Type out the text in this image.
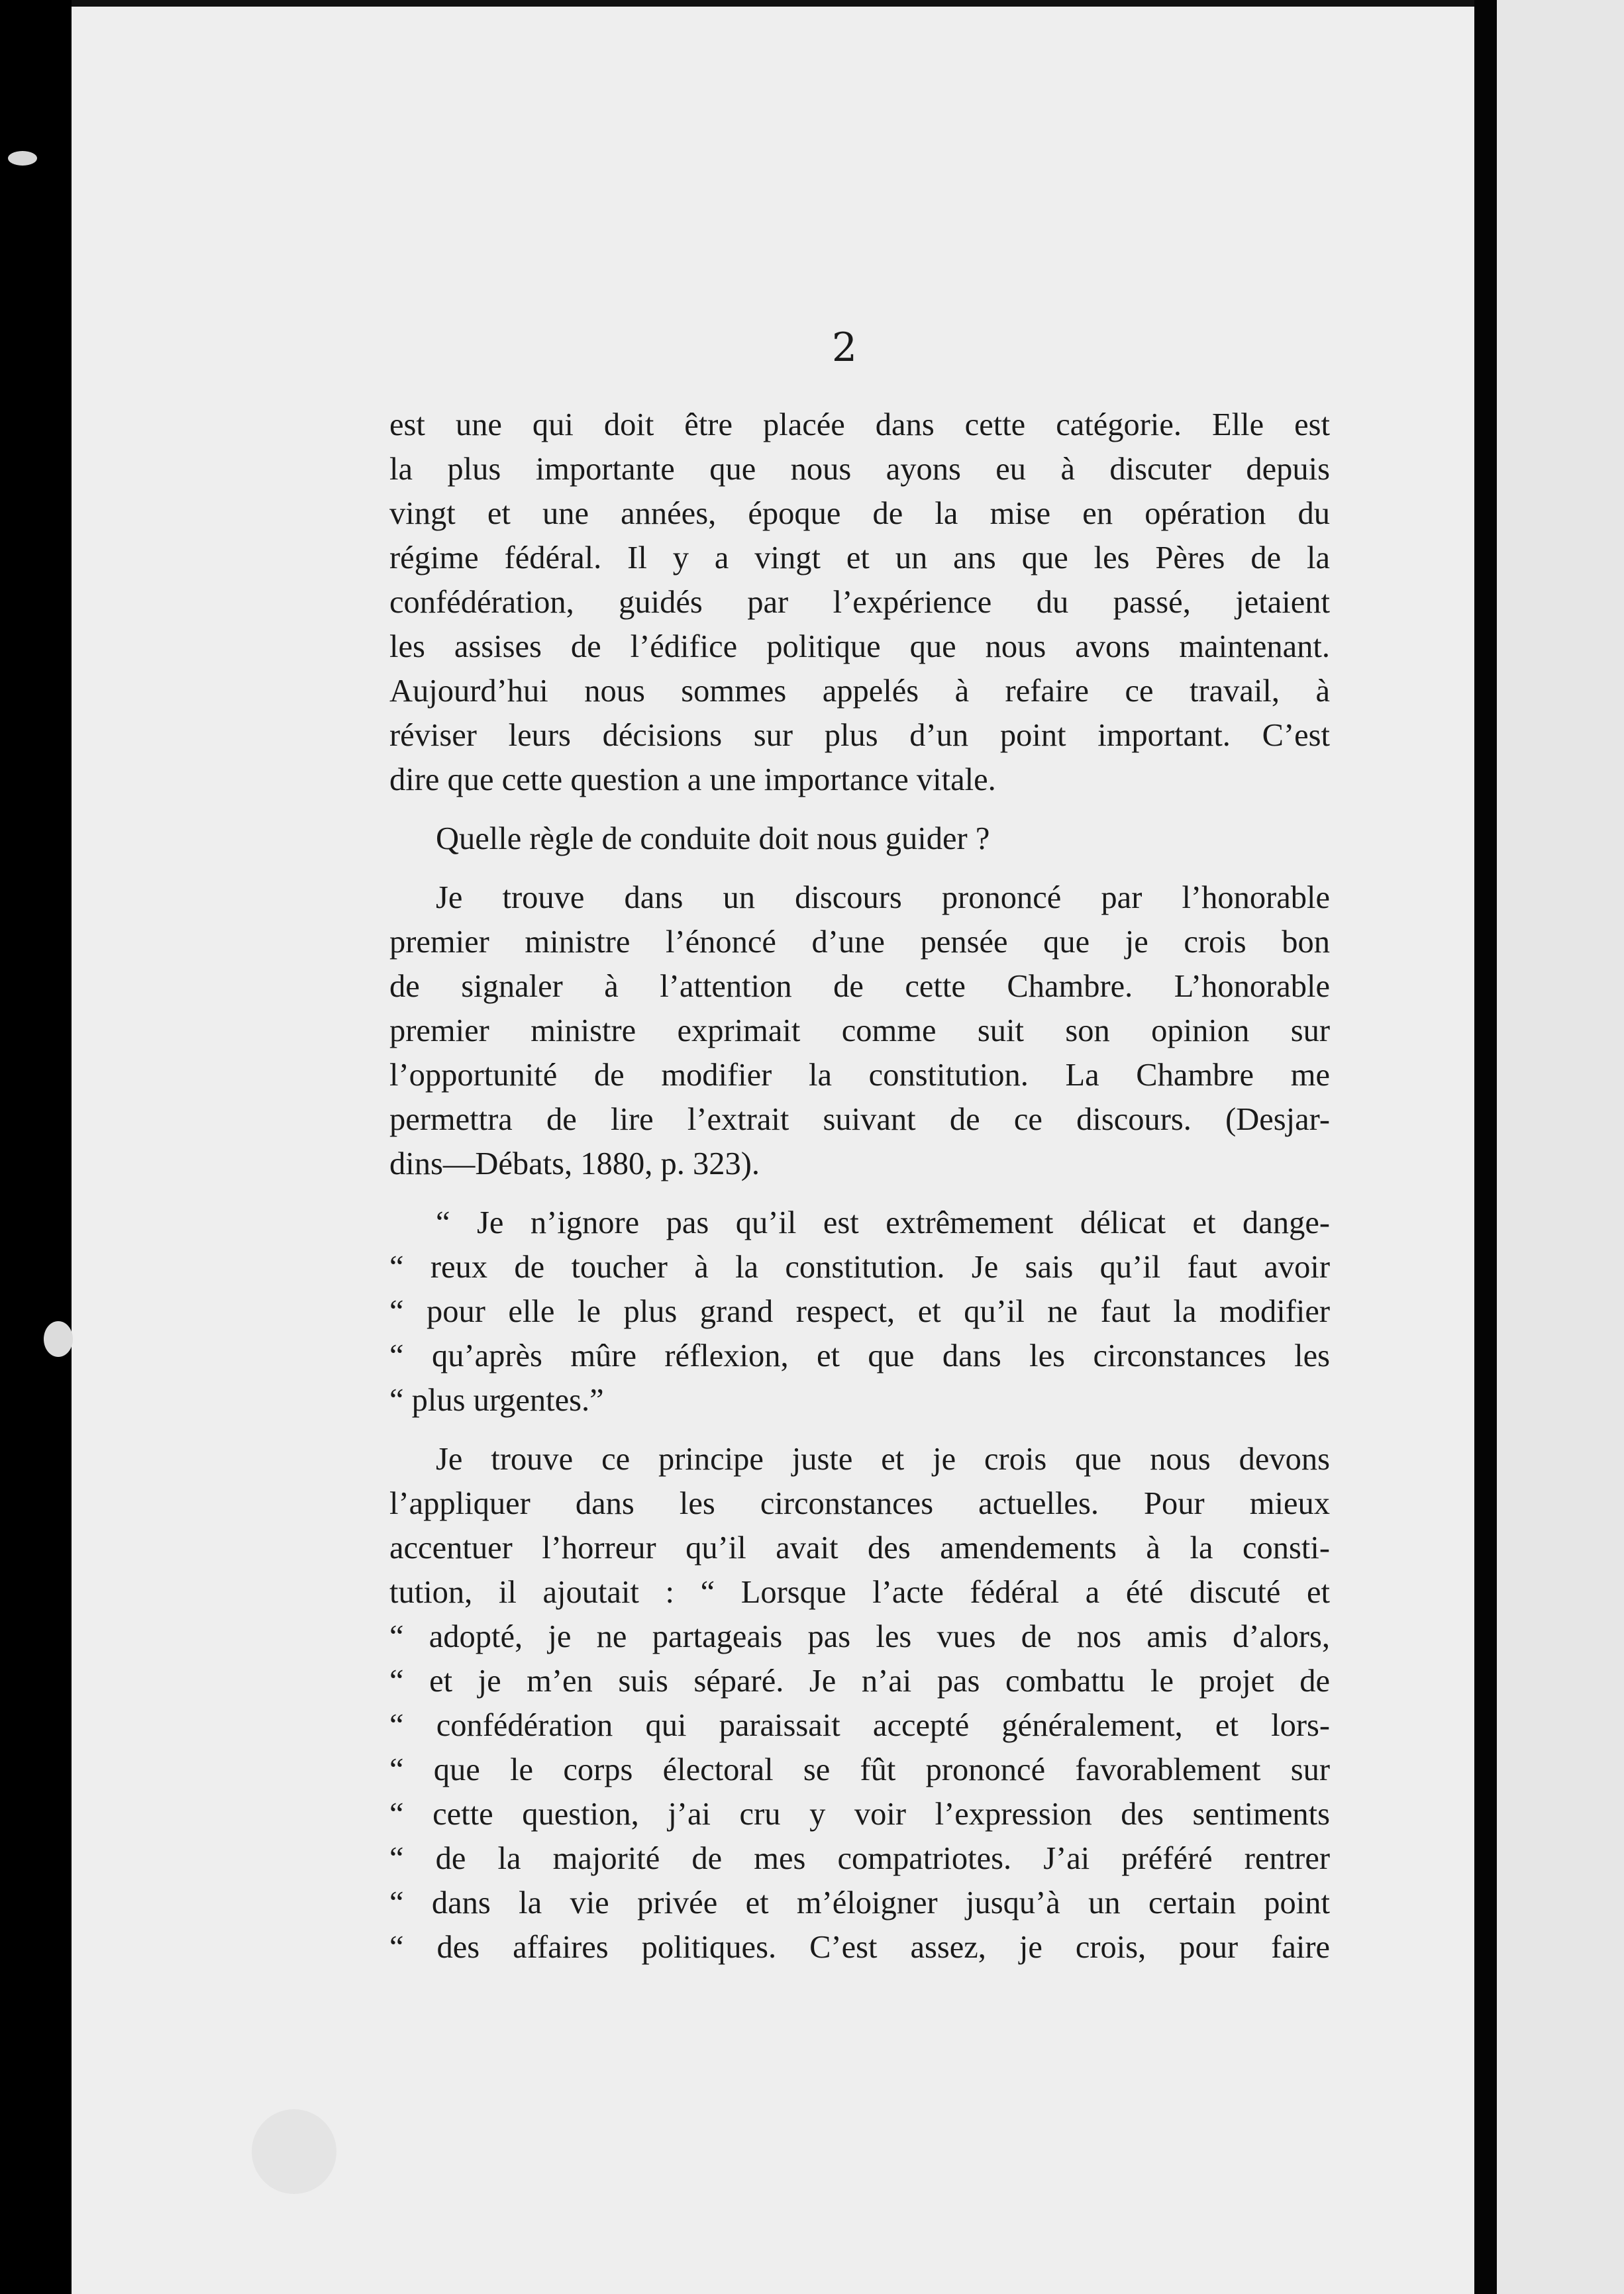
2
est une qui doit être placée dans cette catégorie. Elle est
la plus importante que nous ayons eu à discuter depuis
vingt et une années, époque de la mise en opération du
régime fédéral. Il y a vingt et un ans que les Pères de la
confédération, guidés par l’expérience du passé, jetaient
les assises de l’édifice politique que nous avons maintenant.
Aujourd’hui nous sommes appelés à refaire ce travail, à
réviser leurs décisions sur plus d’un point important. C’est
dire que cette question a une importance vitale.
Quelle règle de conduite doit nous guider ?
Je trouve dans un discours prononcé par l’honorable
premier ministre l’énoncé d’une pensée que je crois bon
de signaler à l’attention de cette Chambre. L’honorable
premier ministre exprimait comme suit son opinion sur
l’opportunité de modifier la constitution. La Chambre me
permettra de lire l’extrait suivant de ce discours. (Desjar-
dins—Débats, 1880, p. 323).
“ Je n’ignore pas qu’il est extrêmement délicat et dange-
“ reux de toucher à la constitution. Je sais qu’il faut avoir
“ pour elle le plus grand respect, et qu’il ne faut la modifier
“ qu’après mûre réflexion, et que dans les circonstances les
“ plus urgentes.”
Je trouve ce principe juste et je crois que nous devons
l’appliquer dans les circonstances actuelles. Pour mieux
accentuer l’horreur qu’il avait des amendements à la consti-
tution, il ajoutait : “ Lorsque l’acte fédéral a été discuté et
“ adopté, je ne partageais pas les vues de nos amis d’alors,
“ et je m’en suis séparé. Je n’ai pas combattu le projet de
“ confédération qui paraissait accepté généralement, et lors-
“ que le corps électoral se fût prononcé favorablement sur
“ cette question, j’ai cru y voir l’expression des sentiments
“ de la majorité de mes compatriotes. J’ai préféré rentrer
“ dans la vie privée et m’éloigner jusqu’à un certain point
“ des affaires politiques. C’est assez, je crois, pour faire
